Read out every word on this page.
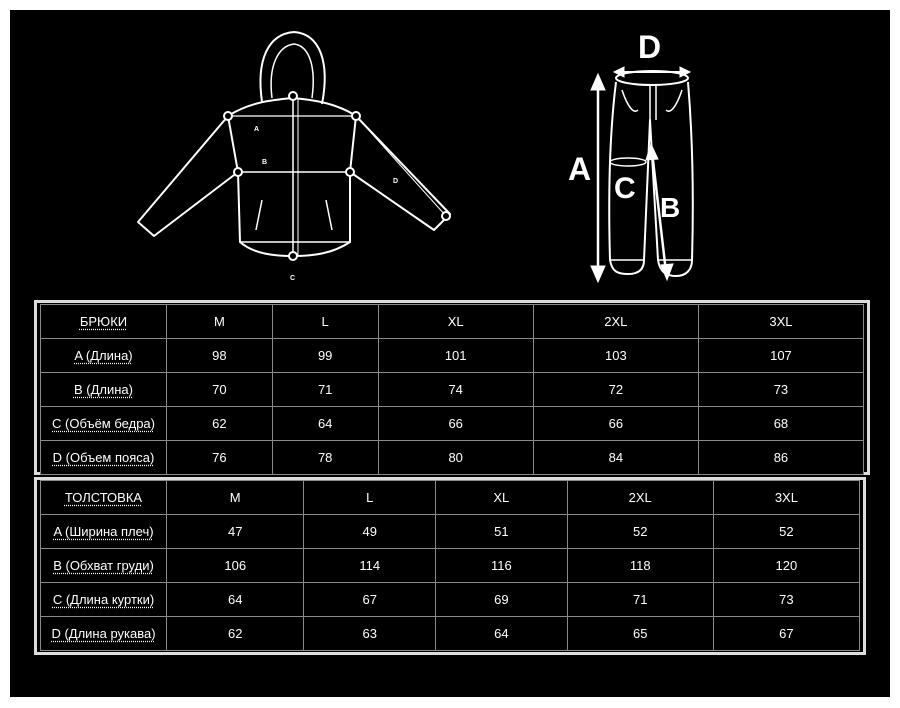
A
B
C
D	A
B
C
D
БРЮКИ	M	L	XL	2XL	3XL
A (Длина)	98	99	101	103	107
B (Длина)	70	71	74	72	73
C (Объём бедра)	62	64	66	66	68
D (Объем пояса)	76	78	80	84	86
ТОЛСТОВКА	M	L	XL	2XL	3XL
A (Ширина плеч)	47	49	51	52	52
B (Обхват груди)	106	114	116	118	120
C (Длина куртки)	64	67	69	71	73
D (Длина рукава)	62	63	64	65	67
